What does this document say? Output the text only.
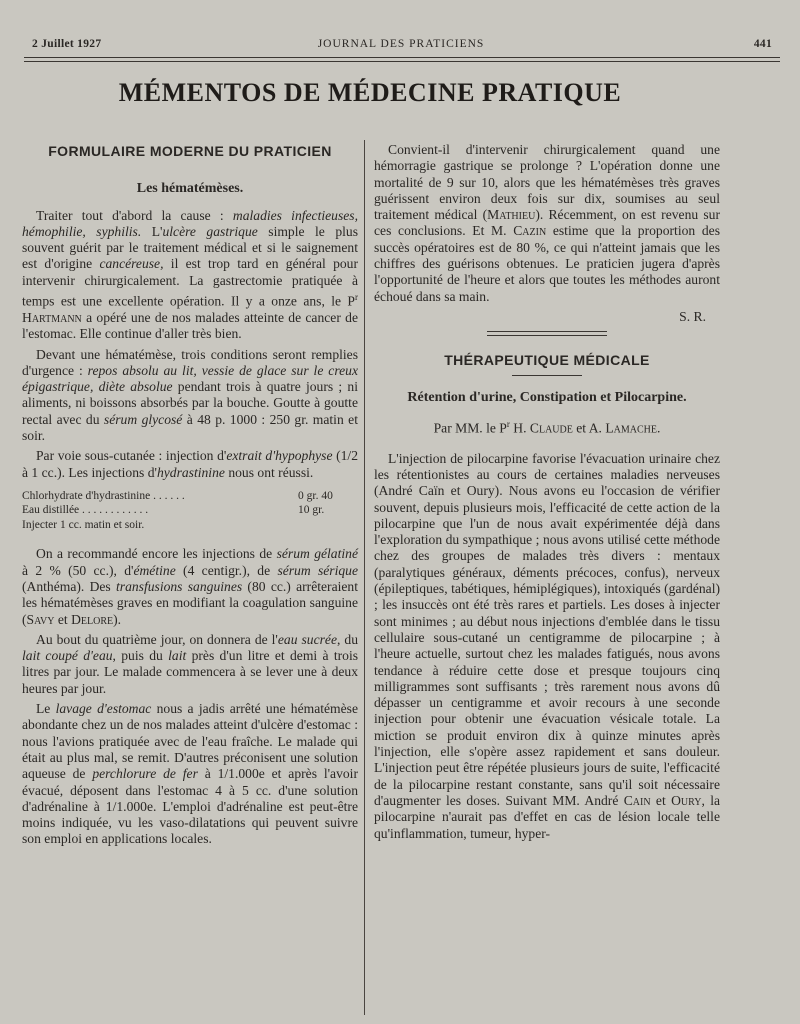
2 Juillet 1927	JOURNAL DES PRATICIENS	441
MÉMENTOS DE MÉDECINE PRATIQUE

FORMULAIRE MODERNE DU PRATICIEN

Les hématémèses.

Traiter tout d'abord la cause : maladies infectieuses, hémophilie, syphilis. L'ulcère gastrique simple le plus souvent guérit par le traitement médical et si le saignement est d'origine cancéreuse, il est trop tard en général pour intervenir chirurgicalement. La gastrectomie pratiquée à temps est une excellente opération. Il y a onze ans, le $P^r$ Hartmann a opéré une de nos malades atteinte de cancer de l'estomac. Elle continue d'aller très bien.

Devant une hématémèse, trois conditions seront remplies d'urgence : repos absolu au lit, vessie de glace sur le creux épigastrique, diète absolue pendant trois à quatre jours ; ni aliments, ni boissons absorbés par la bouche. Goutte à goutte rectal avec du sérum glycosé à 48 p. 1000 : 250 gr. matin et soir.

Par voie sous-cutanée : injection d'extrait d'hypophyse (1/2 à 1 cc.). Les injections d'hydrastinine nous ont réussi.

Chlorhydrate d'hydrastinine . . . . . .	0 gr. 40
Eau distillée . . . . . . . . . . . .	10 gr.
Injecter 1 cc. matin et soir.

On a recommandé encore les injections de sérum gélatiné à 2 % (50 cc.), d'émétine (4 centigr.), de sérum sérique (Anthéma). Des transfusions sanguines (80 cc.) arrêteraient les hématémèses graves en modifiant la coagulation sanguine (Savy et Delore).

Au bout du quatrième jour, on donnera de l'eau sucrée, du lait coupé d'eau, puis du lait près d'un litre et demi à trois litres par jour. Le malade commencera à se lever une à deux heures par jour.

Le lavage d'estomac nous a jadis arrêté une hématémèse abondante chez un de nos malades atteint d'ulcère d'estomac : nous l'avions pratiquée avec de l'eau fraîche. Le malade qui était au plus mal, se remit. D'autres préconisent une solution aqueuse de perchlorure de fer à 1/1.000e et après l'avoir évacué, déposent dans l'estomac 4 à 5 cc. d'une solution d'adrénaline à 1/1.000e. L'emploi d'adrénaline est peut-être moins indiquée, vu les vaso-dilatations qui peuvent suivre son emploi en applications locales.

Convient-il d'intervenir chirurgicalement quand une hémorragie gastrique se prolonge ? L'opération donne une mortalité de 9 sur 10, alors que les hématémèses très graves guérissent environ deux fois sur dix, soumises au seul traitement médical (Mathieu). Récemment, on est revenu sur ces conclusions. Et M. Cazin estime que la proportion des succès opératoires est de 80 %, ce qui n'atteint jamais que les chiffres des guérisons obtenues. Le praticien jugera d'après l'opportunité de l'heure et alors que toutes les méthodes auront échoué dans sa main.

S. R.

THÉRAPEUTIQUE MÉDICALE

Rétention d'urine, Constipation et Pilocarpine.

Par MM. le $P^r$ H. Claude et A. Lamache.

L'injection de pilocarpine favorise l'évacuation urinaire chez les rétentionistes au cours de certaines maladies nerveuses (André Caïn et Oury). Nous avons eu l'occasion de vérifier souvent, depuis plusieurs mois, l'efficacité de cette action de la pilocarpine que l'un de nous avait expérimentée déjà dans l'exploration du sympathique ; nous avons utilisé cette méthode chez des groupes de malades très divers : mentaux (paralytiques généraux, déments précoces, confus), nerveux (épileptiques, tabétiques, hémiplégiques), intoxiqués (gardénal) ; les insuccès ont été très rares et partiels. Les doses à injecter sont minimes ; au début nous injections d'emblée dans le tissu cellulaire sous-cutané un centigramme de pilocarpine ; à l'heure actuelle, surtout chez les malades fatigués, nous avons tendance à réduire cette dose et presque toujours cinq milligrammes sont suffisants ; très rarement nous avons dû dépasser un centigramme et avoir recours à une seconde injection pour obtenir une évacuation vésicale totale. La miction se produit environ dix à quinze minutes après l'injection, elle s'opère assez rapidement et sans douleur. L'injection peut être répétée plusieurs jours de suite, l'efficacité de la pilocarpine restant constante, sans qu'il soit nécessaire d'augmenter les doses. Suivant MM. André Cain et Oury, la pilocarpine n'aurait pas d'effet en cas de lésion locale telle qu'inflammation, tumeur, hyper-
